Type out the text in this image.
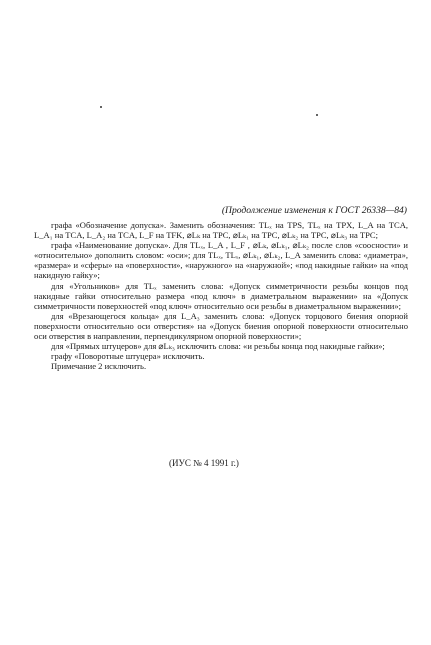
(Продолжение изменения к ГОСТ 26338—84)

графа «Обозначение допуска». Заменить обозначения: TLₓ на TPS, TLₓ на TPX, L_A на TCA, L_A₁ на TCA, L_A₂ на TCA, L_F на TFK, ⌀Lₖ на TPC, ⌀Lₖ₁ на TPC, ⌀Lₖ₂ на TPC, ⌀Lₖ₃ на TPC;

графа «Наименование допуска». Для TLₓ, L_A , L_F , ⌀Lₖ, ⌀Lₖ₁, ⌀Lₖ₂ после слов «соосности» и «относительно» дополнить словом: «оси»; для TLₓ, TLₓ, ⌀Lₖ₁, ⌀Lₖ₂, L_A заменить слова: «диаметра», «размера» и «сферы» на «поверхности», «наружного» на «наружной»; «под накидные гайки» на «под накидную гайку»;

для «Угольников» для TLₓ заменить слова: «Допуск симметричности резьбы концов под накидные гайки относительно размера «под ключ» в диаметральном выражении» на «Допуск симметричности поверхностей «под ключ» относительно оси резьбы в диаметральном выражении»;

для «Врезающегося кольца» для L_A₃ заменить слова: «Допуск торцового биения опорной поверхности относительно оси отверстия» на «Допуск биения опорной поверхности относительно оси отверстия в направлении, перпендикулярном опорной поверхности»;

для «Прямых штуцеров» для ⌀Lₖ₃ исключить слова: «и резьбы конца под накидные гайки»;

графу «Поворотные штуцера» исключить.

Примечание 2 исключить.

(ИУС № 4 1991 г.)
